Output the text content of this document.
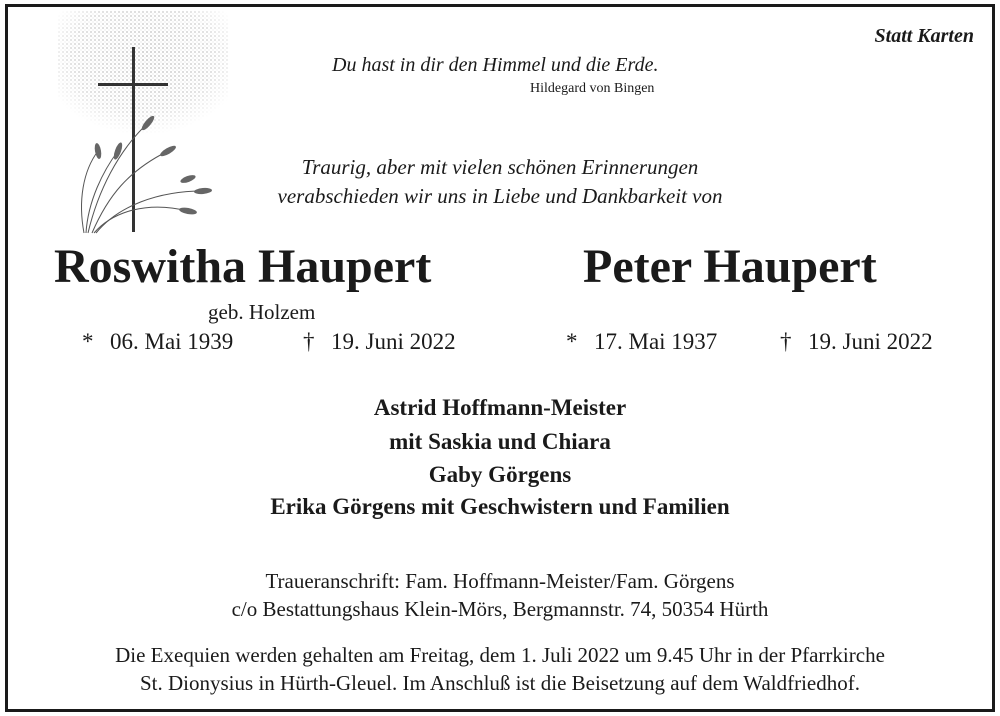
Statt Karten
Du hast in dir den Himmel und die Erde.
Hildegard von Bingen
Traurig, aber mit vielen schönen Erinnerungen
verabschieden wir uns in Liebe und Dankbarkeit von
Roswitha Haupert	Peter Haupert
geb. Holzem
* 06. Mai 1939	† 19. Juni 2022	* 17. Mai 1937	† 19. Juni 2022
Astrid Hoffmann-Meister
mit Saskia und Chiara
Gaby Görgens
Erika Görgens mit Geschwistern und Familien
Traueranschrift: Fam. Hoffmann-Meister/Fam. Görgens
c/o Bestattungshaus Klein-Mörs, Bergmannstr. 74, 50354 Hürth
Die Exequien werden gehalten am Freitag, dem 1. Juli 2022 um 9.45 Uhr in der Pfarrkirche
St. Dionysius in Hürth-Gleuel. Im Anschluß ist die Beisetzung auf dem Waldfriedhof.
